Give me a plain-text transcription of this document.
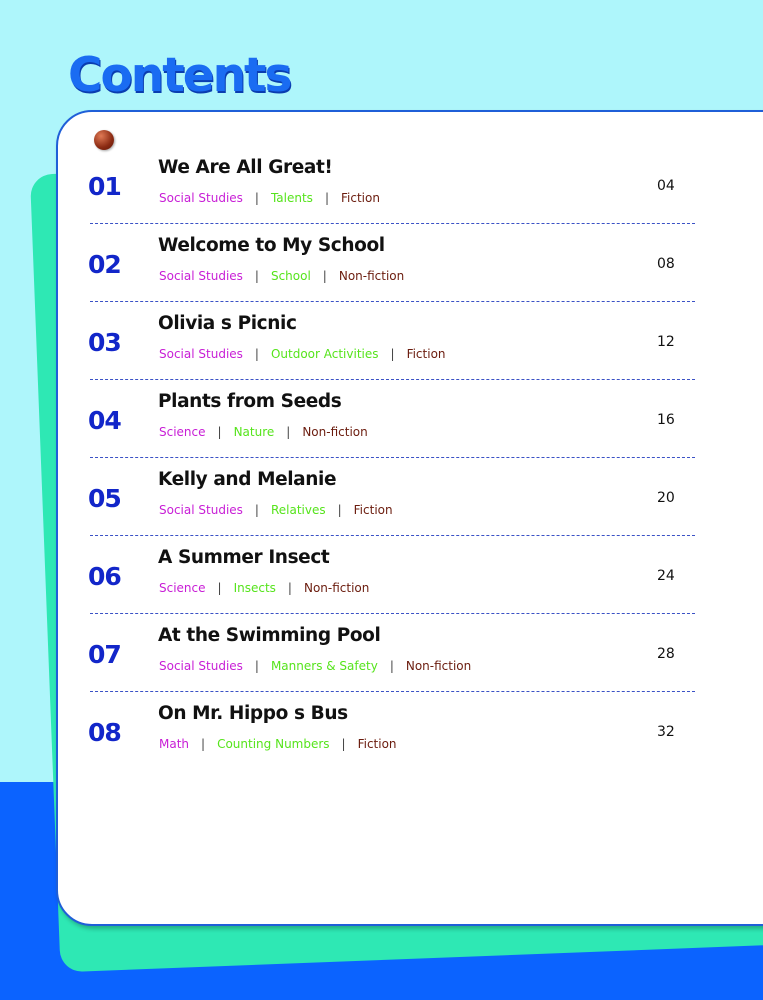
Contents
01
We Are All Great!
Social Studies | Talents | Fiction
04
02
Welcome to My School
Social Studies | School | Non-fiction
08
03
Olivia s Picnic
Social Studies | Outdoor Activities | Fiction
12
04
Plants from Seeds
Science | Nature | Non-fiction
16
05
Kelly and Melanie
Social Studies | Relatives | Fiction
20
06
A Summer Insect
Science | Insects | Non-fiction
24
07
At the Swimming Pool
Social Studies | Manners & Safety | Non-fiction
28
08
On Mr. Hippo s Bus
Math | Counting Numbers | Fiction
32
